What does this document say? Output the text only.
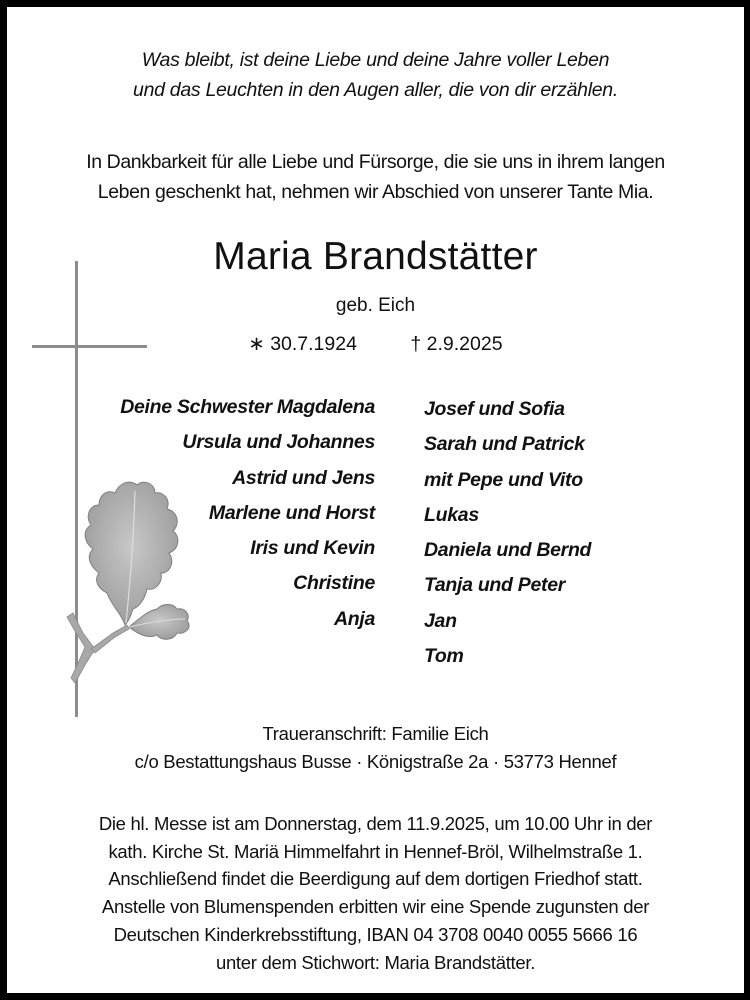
Was bleibt, ist deine Liebe und deine Jahre voller Leben
und das Leuchten in den Augen aller, die von dir erzählen.
In Dankbarkeit für alle Liebe und Fürsorge, die sie uns in ihrem langen
Leben geschenkt hat, nehmen wir Abschied von unserer Tante Mia.
Maria Brandstätter
geb. Eich
∗ 30.7.1924	† 2.9.2025
Deine Schwester Magdalena
Ursula und Johannes
Astrid und Jens
Marlene und Horst
Iris und Kevin
Christine
Anja
Josef und Sofia
Sarah und Patrick
mit Pepe und Vito
Lukas
Daniela und Bernd
Tanja und Peter
Jan
Tom
Traueranschrift: Familie Eich
c/o Bestattungshaus Busse · Königstraße 2a · 53773 Hennef
Die hl. Messe ist am Donnerstag, dem 11.9.2025, um 10.00 Uhr in der
kath. Kirche St. Mariä Himmelfahrt in Hennef-Bröl, Wilhelmstraße 1.
Anschließend findet die Beerdigung auf dem dortigen Friedhof statt.
Anstelle von Blumenspenden erbitten wir eine Spende zugunsten der
Deutschen Kinderkrebsstiftung, IBAN 04 3708 0040 0055 5666 16
unter dem Stichwort: Maria Brandstätter.
